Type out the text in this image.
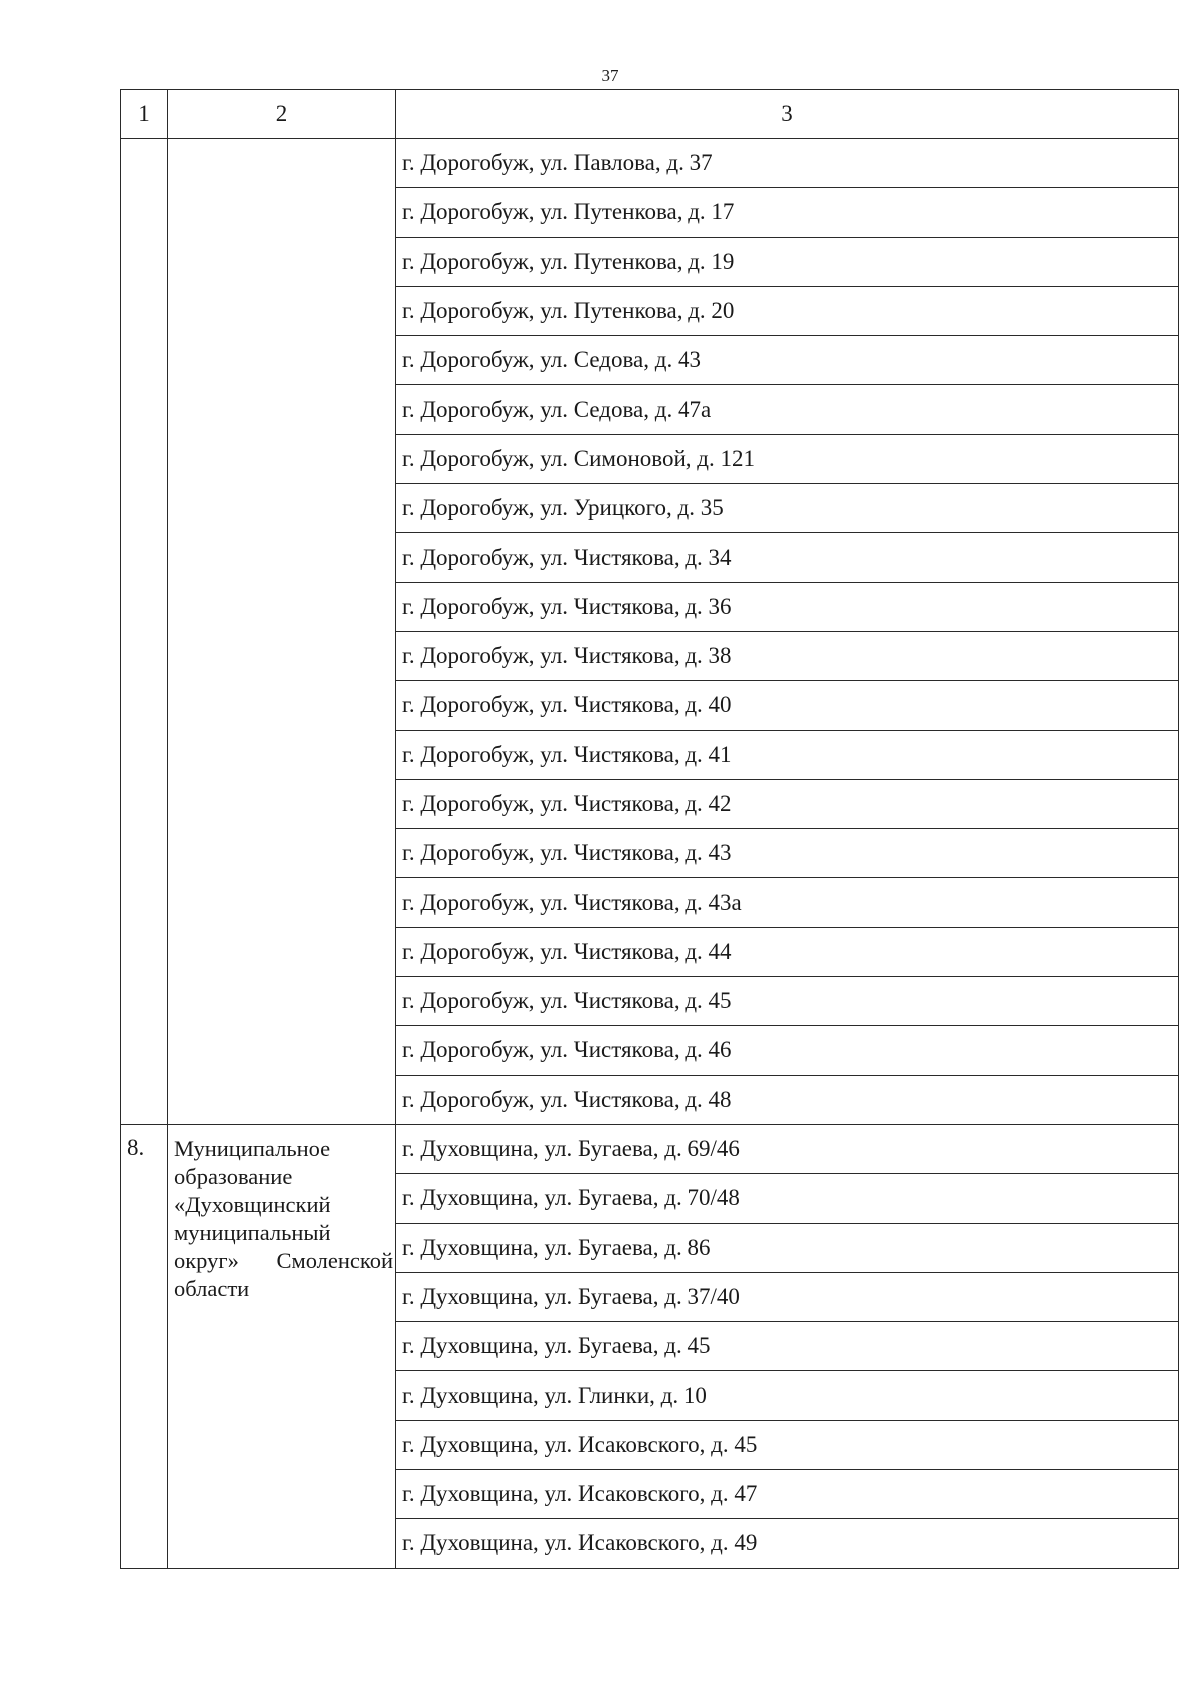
37
1	2	3
		г. Дорогобуж, ул. Павлова, д. 37
		г. Дорогобуж, ул. Путенкова, д. 17
		г. Дорогобуж, ул. Путенкова, д. 19
		г. Дорогобуж, ул. Путенкова, д. 20
		г. Дорогобуж, ул. Седова, д. 43
		г. Дорогобуж, ул. Седова, д. 47а
		г. Дорогобуж, ул. Симоновой, д. 121
		г. Дорогобуж, ул. Урицкого, д. 35
		г. Дорогобуж, ул. Чистякова, д. 34
		г. Дорогобуж, ул. Чистякова, д. 36
		г. Дорогобуж, ул. Чистякова, д. 38
		г. Дорогобуж, ул. Чистякова, д. 40
		г. Дорогобуж, ул. Чистякова, д. 41
		г. Дорогобуж, ул. Чистякова, д. 42
		г. Дорогобуж, ул. Чистякова, д. 43
		г. Дорогобуж, ул. Чистякова, д. 43а
		г. Дорогобуж, ул. Чистякова, д. 44
		г. Дорогобуж, ул. Чистякова, д. 45
		г. Дорогобуж, ул. Чистякова, д. 46
		г. Дорогобуж, ул. Чистякова, д. 48
8.	Муниципальное образование «Духовщинский муниципальный округ» Смоленской области	г. Духовщина, ул. Бугаева, д. 69/46
		г. Духовщина, ул. Бугаева, д. 70/48
		г. Духовщина, ул. Бугаева, д. 86
		г. Духовщина, ул. Бугаева, д. 37/40
		г. Духовщина, ул. Бугаева, д. 45
		г. Духовщина, ул. Глинки, д. 10
		г. Духовщина, ул. Исаковского, д. 45
		г. Духовщина, ул. Исаковского, д. 47
		г. Духовщина, ул. Исаковского, д. 49
